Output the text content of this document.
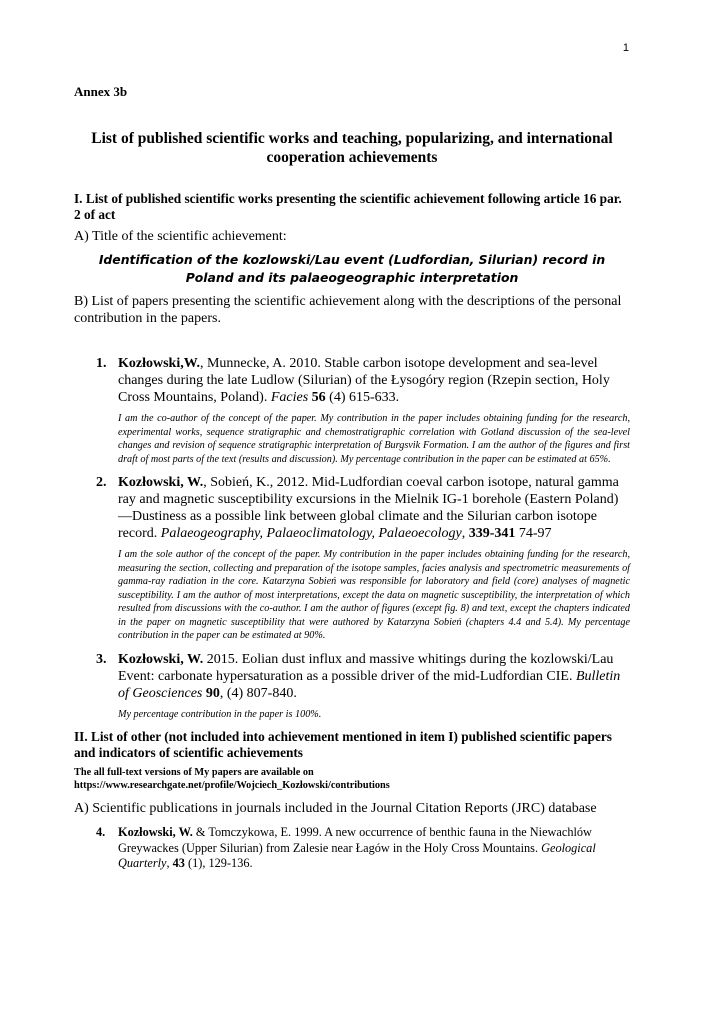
1

Annex 3b

List of published scientific works and teaching, popularizing, and international cooperation achievements

I. List of published scientific works presenting the scientific achievement following article 16 par. 2 of act

A) Title of the scientific achievement:

Identification of the kozlowski/Lau event (Ludfordian, Silurian) record in Poland and its palaeogeographic interpretation

B) List of papers presenting the scientific achievement along with the descriptions of the personal contribution in the papers.

1. Kozłowski,W., Munnecke, A. 2010. Stable carbon isotope development and sea-level changes during the late Ludlow (Silurian) of the Łysogóry region (Rzepin section, Holy Cross Mountains, Poland). Facies 56 (4) 615-633.

I am the co-author of the concept of the paper. My contribution in the paper includes obtaining funding for the research, experimental works, sequence stratigraphic and chemostratigraphic correlation with Gotland discussion of the sea-level changes and revision of sequence stratigraphic interpretation of Burgsvik Formation. I am the author of the figures and first draft of most parts of the text (results and discussion). My percentage contribution in the paper can be estimated at 65%.

2. Kozłowski, W., Sobień, K., 2012. Mid-Ludfordian coeval carbon isotope, natural gamma ray and magnetic susceptibility excursions in the Mielnik IG-1 borehole (Eastern Poland)—Dustiness as a possible link between global climate and the Silurian carbon isotope record. Palaeogeography, Palaeoclimatology, Palaeoecology, 339-341 74-97

I am the sole author of the concept of the paper. My contribution in the paper includes obtaining funding for the research, measuring the section, collecting and preparation of the isotope samples, facies analysis and spectrometric measurements of gamma-ray radiation in the core. Katarzyna Sobień was responsible for laboratory and field (core) analyses of magnetic susceptibility. I am the author of most interpretations, except the data on magnetic susceptibility, the interpretation of which resulted from discussions with the co-author. I am the author of figures (except fig. 8) and text, except the chapters indicated in the paper on magnetic susceptibility that were authored by Katarzyna Sobień (chapters 4.4 and 5.4). My percentage contribution in the paper can be estimated at 90%.

3. Kozłowski, W. 2015. Eolian dust influx and massive whitings during the kozlowski/Lau Event: carbonate hypersaturation as a possible driver of the mid-Ludfordian CIE. Bulletin of Geosciences 90, (4) 807-840.

My percentage contribution in the paper is 100%.

II. List of other (not included into achievement mentioned in item I) published scientific papers and indicators of scientific achievements

The all full-text versions of My papers are available on
https://www.researchgate.net/profile/Wojciech_Kozłowski/contributions

A) Scientific publications in journals included in the Journal Citation Reports (JRC) database

4. Kozłowski, W. & Tomczykowa, E. 1999. A new occurrence of benthic fauna in the Niewachlów Greywackes (Upper Silurian) from Zalesie near Łagów in the Holy Cross Mountains. Geological Quarterly, 43 (1), 129-136.
